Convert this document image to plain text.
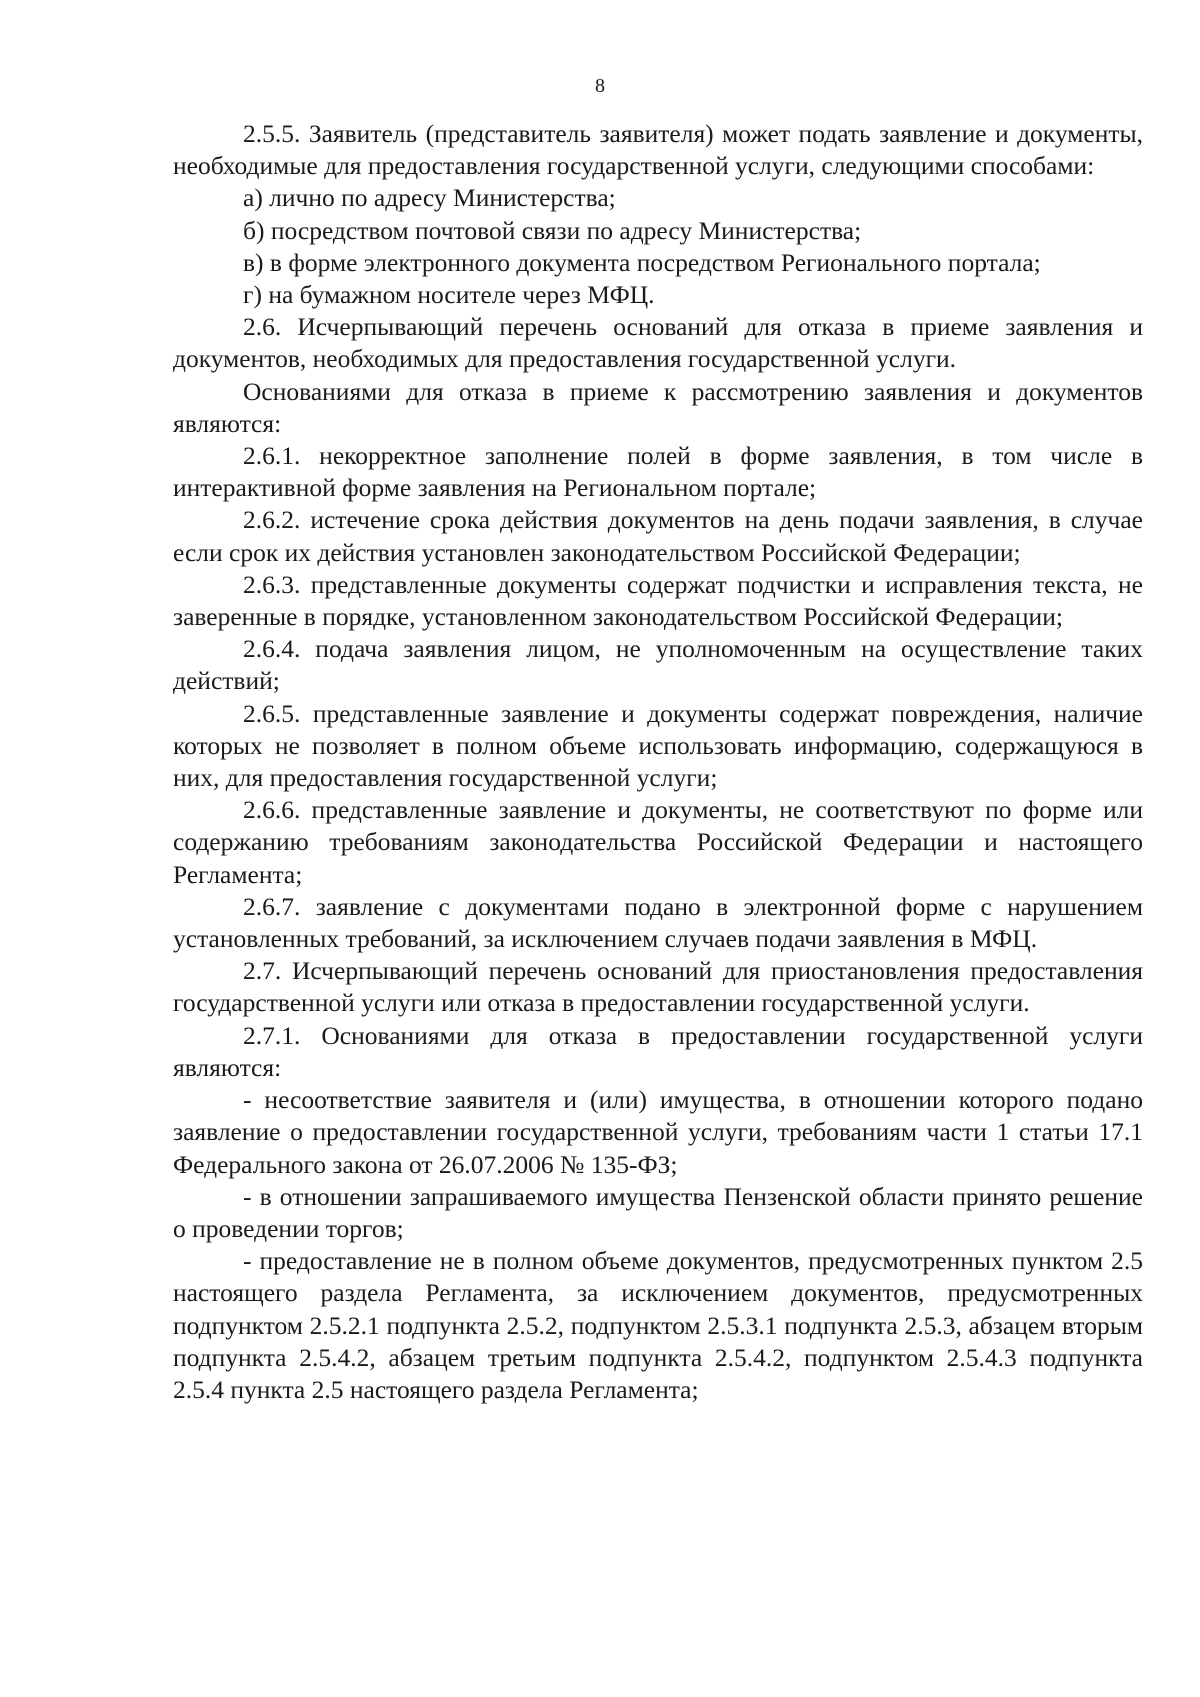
8

2.5.5. Заявитель (представитель заявителя) может подать заявление и документы, необходимые для предоставления государственной услуги, следующими способами:

а) лично по адресу Министерства;

б) посредством почтовой связи по адресу Министерства;

в) в форме электронного документа посредством Регионального портала;

г) на бумажном носителе через МФЦ.

2.6. Исчерпывающий перечень оснований для отказа в приеме заявления и документов, необходимых для предоставления государственной услуги.

Основаниями для отказа в приеме к рассмотрению заявления и документов являются:

2.6.1. некорректное заполнение полей в форме заявления, в том числе в интерактивной форме заявления на Региональном портале;

2.6.2. истечение срока действия документов на день подачи заявления, в случае если срок их действия установлен законодательством Российской Федерации;

2.6.3. представленные документы содержат подчистки и исправления текста, не заверенные в порядке, установленном законодательством Российской Федерации;

2.6.4. подача заявления лицом, не уполномоченным на осуществление таких действий;

2.6.5. представленные заявление и документы содержат повреждения, наличие которых не позволяет в полном объеме использовать информацию, содержащуюся в них, для предоставления государственной услуги;

2.6.6. представленные заявление и документы, не соответствуют по форме или содержанию требованиям законодательства Российской Федерации и настоящего Регламента;

2.6.7. заявление с документами подано в электронной форме с нарушением установленных требований, за исключением случаев подачи заявления в МФЦ.

2.7. Исчерпывающий перечень оснований для приостановления предоставления государственной услуги или отказа в предоставлении государственной услуги.

2.7.1. Основаниями для отказа в предоставлении государственной услуги являются:

- несоответствие заявителя и (или) имущества, в отношении которого подано заявление о предоставлении государственной услуги, требованиям части 1 статьи 17.1 Федерального закона от 26.07.2006 № 135-ФЗ;

- в отношении запрашиваемого имущества Пензенской области принято решение о проведении торгов;

- предоставление не в полном объеме документов, предусмотренных пунктом 2.5 настоящего раздела Регламента, за исключением документов, предусмотренных подпунктом 2.5.2.1 подпункта 2.5.2, подпунктом 2.5.3.1 подпункта 2.5.3, абзацем вторым подпункта 2.5.4.2, абзацем третьим подпункта 2.5.4.2, подпунктом 2.5.4.3 подпункта 2.5.4 пункта 2.5 настоящего раздела Регламента;
